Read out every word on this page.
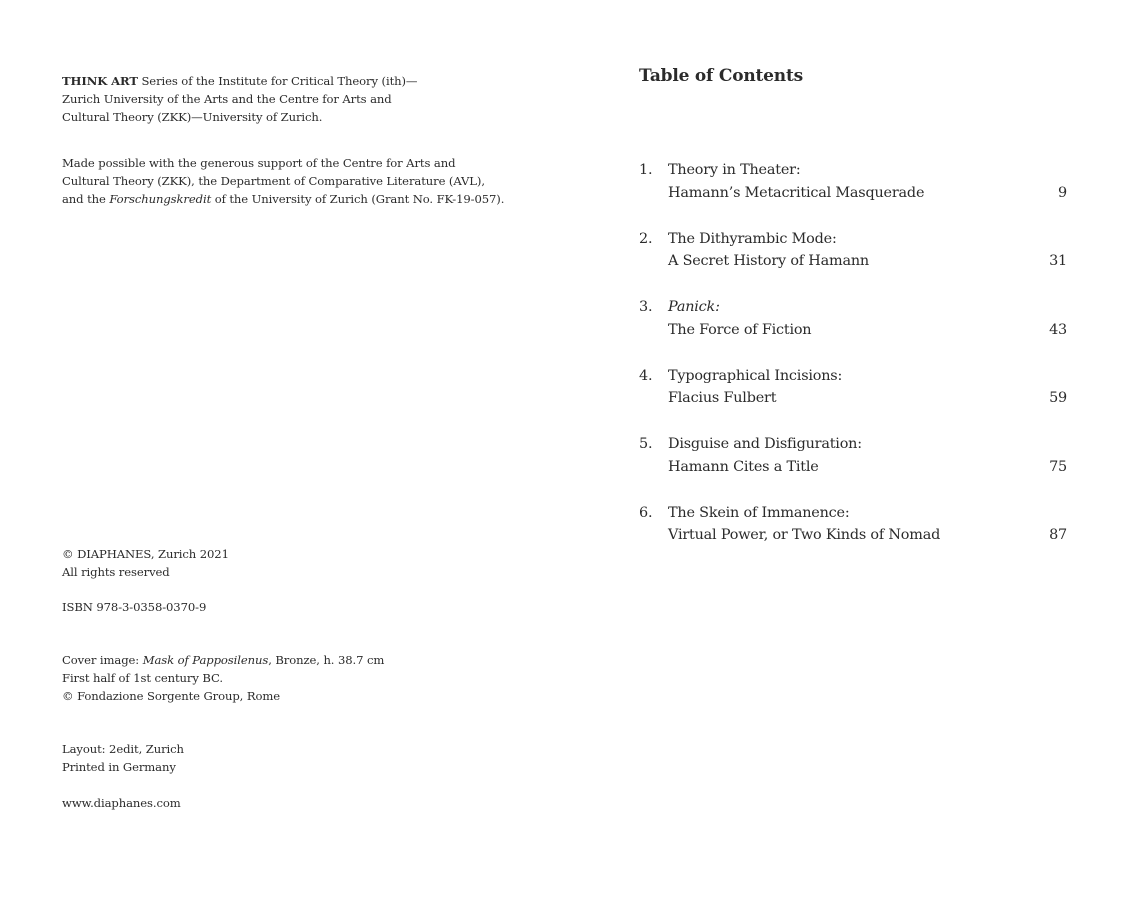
THINK ART Series of the Institute for Critical Theory (ith)—
Zurich University of the Arts and the Centre for Arts and
Cultural Theory (ZKK)—University of Zurich.
Made possible with the generous support of the Centre for Arts and
Cultural Theory (ZKK), the Department of Comparative Literature (AVL),
and the Forschungskredit of the University of Zurich (Grant No. FK-19-057).
© DIAPHANES, Zurich 2021
All rights reserved
ISBN 978-3-0358-0370-9
Cover image: Mask of Papposilenus, Bronze, h. 38.7 cm
First half of 1st century BC.
© Fondazione Sorgente Group, Rome
Layout: 2edit, Zurich
Printed in Germany
www.diaphanes.com
Table of Contents
1. Theory in Theater:
Hamann’s Metacritical Masquerade	9
2. The Dithyrambic Mode:
A Secret History of Hamann	31
3. Panick:
The Force of Fiction	43
4. Typographical Incisions:
Flacius Fulbert	59
5. Disguise and Disfiguration:
Hamann Cites a Title	75
6. The Skein of Immanence:
Virtual Power, or Two Kinds of Nomad	87
